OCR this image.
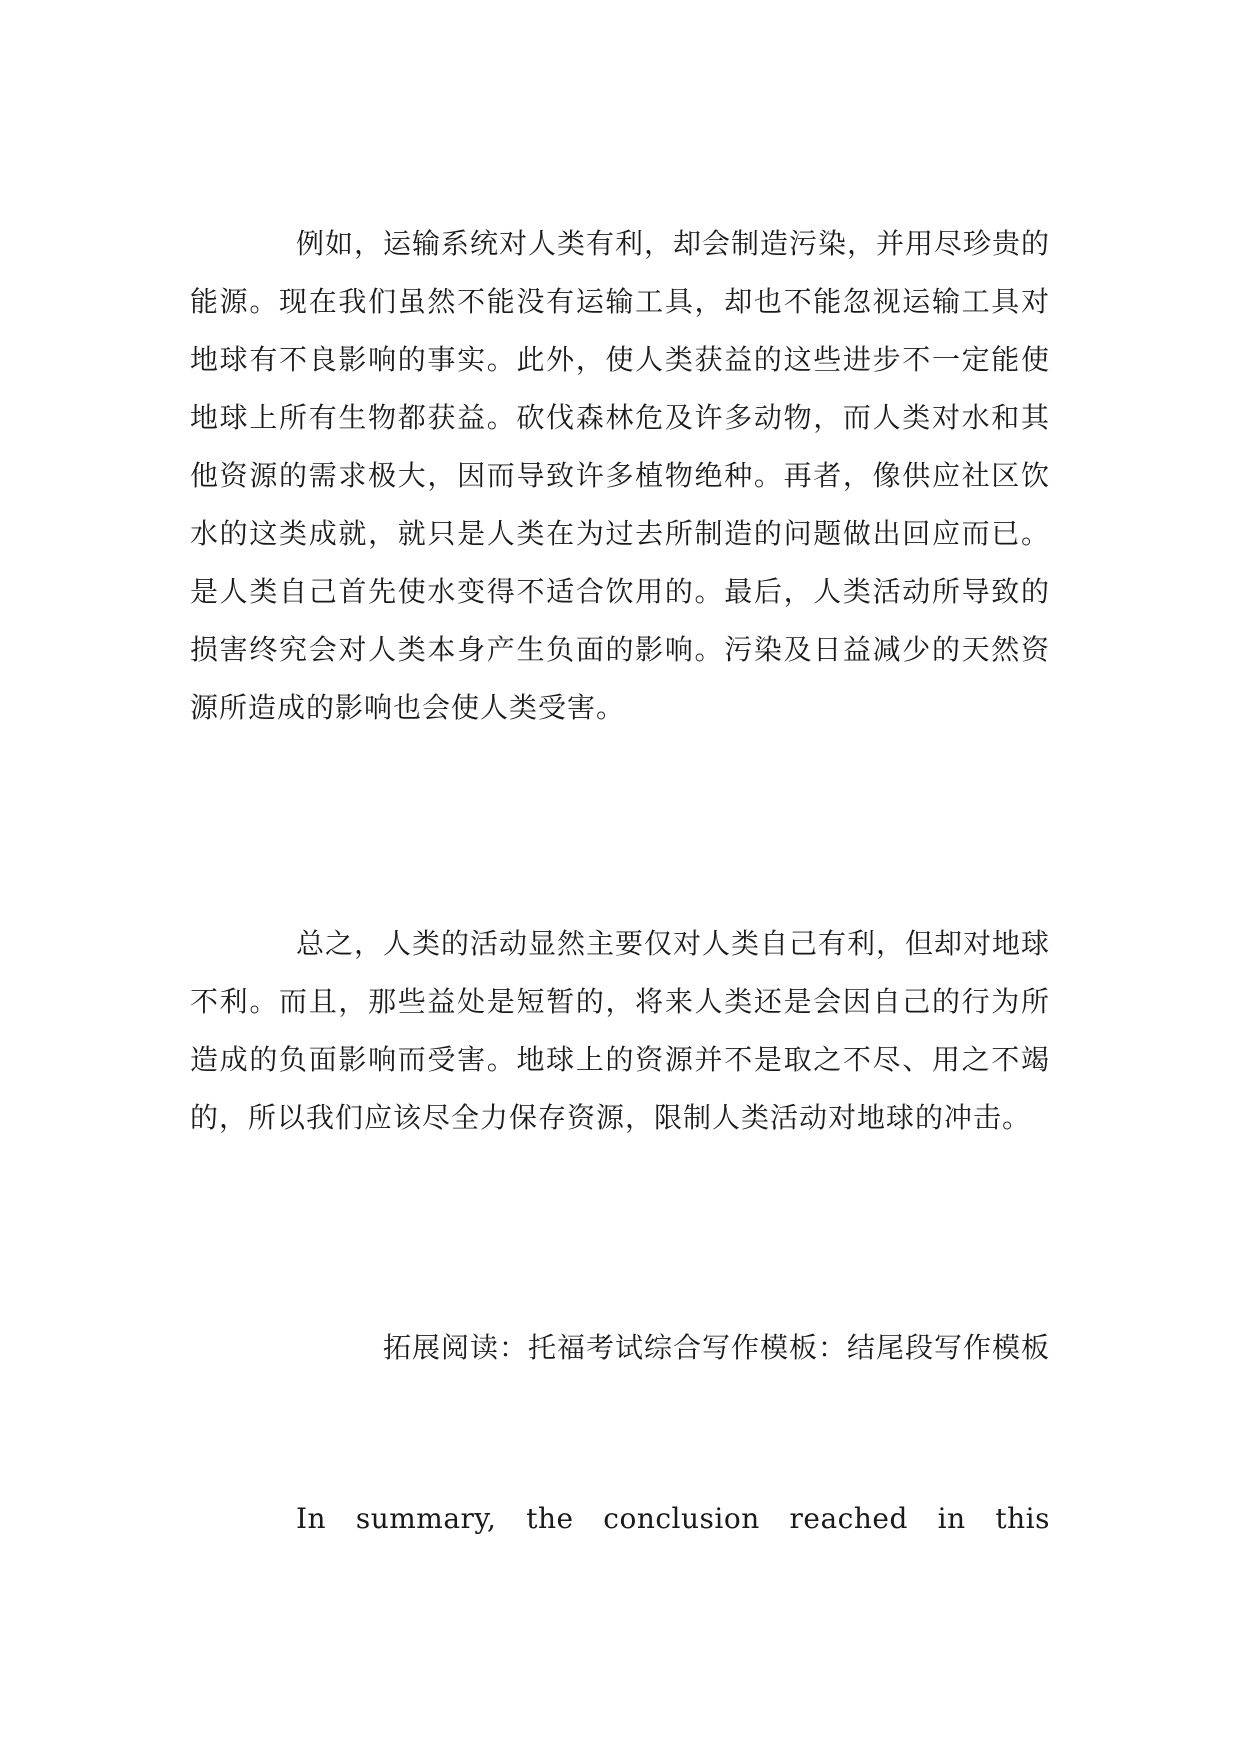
例如，运输系统对人类有利，却会制造污染，并用尽珍贵的能源。现在我们虽然不能没有运输工具，却也不能忽视运输工具对地球有不良影响的事实。此外，使人类获益的这些进步不一定能使地球上所有生物都获益。砍伐森林危及许多动物，而人类对水和其他资源的需求极大，因而导致许多植物绝种。再者，像供应社区饮水的这类成就，就只是人类在为过去所制造的问题做出回应而已。是人类自己首先使水变得不适合饮用的。最后，人类活动所导致的损害终究会对人类本身产生负面的影响。污染及日益减少的天然资源所造成的影响也会使人类受害。

总之，人类的活动显然主要仅对人类自己有利，但却对地球不利。而且，那些益处是短暂的，将来人类还是会因自己的行为所造成的负面影响而受害。地球上的资源并不是取之不尽、用之不竭的，所以我们应该尽全力保存资源，限制人类活动对地球的冲击。

拓展阅读：托福考试综合写作模板：结尾段写作模板

In summary, the conclusion reached in this
